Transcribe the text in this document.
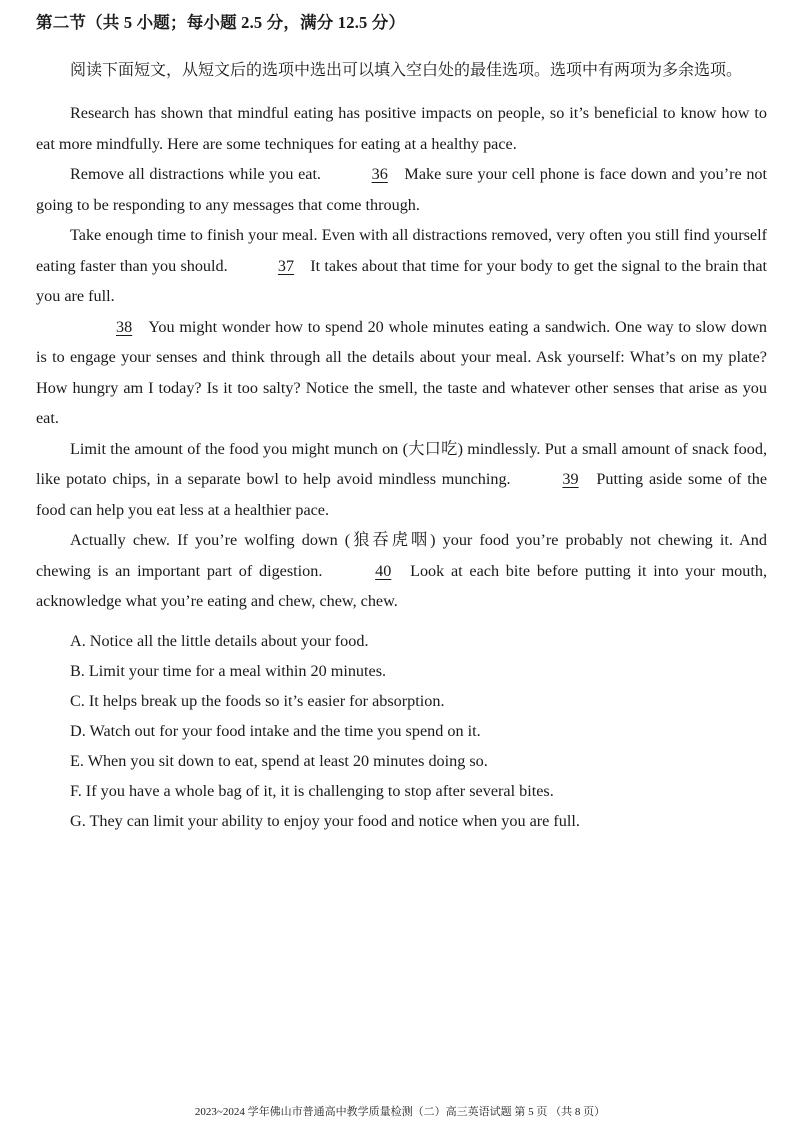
第二节（共 5 小题；每小题 2.5 分，满分 12.5 分）
阅读下面短文，从短文后的选项中选出可以填入空白处的最佳选项。选项中有两项为多余选项。

Research has shown that mindful eating has positive impacts on people, so it’s beneficial to know how to eat more mindfully. Here are some techniques for eating at a healthy pace.

Remove all distractions while you eat.	36 Make sure your cell phone is face down and you’re not going to be responding to any messages that come through.

Take enough time to finish your meal. Even with all distractions removed, very often you still find yourself eating faster than you should.	37 It takes about that time for your body to get the signal to the brain that you are full.

38 You might wonder how to spend 20 whole minutes eating a sandwich. One way to slow down is to engage your senses and think through all the details about your meal. Ask yourself: What’s on my plate? How hungry am I today? Is it too salty? Notice the smell, the taste and whatever other senses that arise as you eat.

Limit the amount of the food you might munch on (大口吃) mindlessly. Put a small amount of snack food, like potato chips, in a separate bowl to help avoid mindless munching.	39 Putting aside some of the food can help you eat less at a healthier pace.

Actually chew. If you’re wolfing down (狼吞虎咽) your food you’re probably not chewing it. And chewing is an important part of digestion.	40 Look at each bite before putting it into your mouth, acknowledge what you’re eating and chew, chew, chew.

A. Notice all the little details about your food.
B. Limit your time for a meal within 20 minutes.
C. It helps break up the foods so it’s easier for absorption.
D. Watch out for your food intake and the time you spend on it.
E. When you sit down to eat, spend at least 20 minutes doing so.
F. If you have a whole bag of it, it is challenging to stop after several bites.
G. They can limit your ability to enjoy your food and notice when you are full.
2023~2024 学年佛山市普通高中教学质量检测（二）高三英语试题 第 5 页 （共 8 页）
